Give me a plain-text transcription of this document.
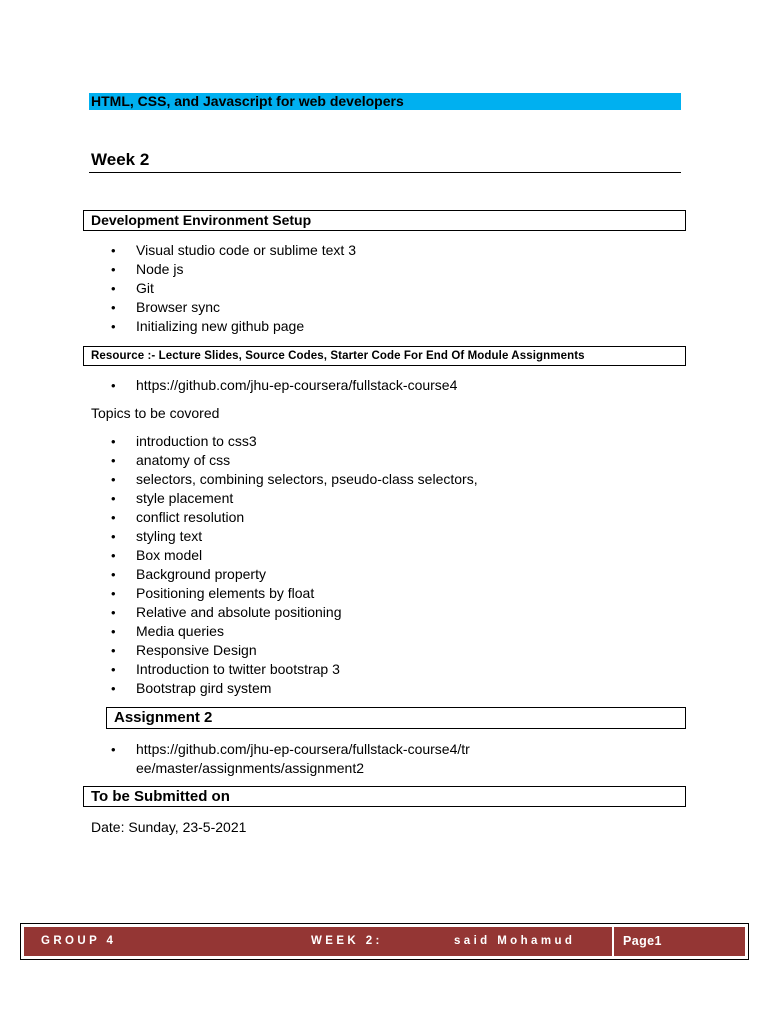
HTML, CSS, and Javascript for web developers
Week 2
Development Environment Setup
• Visual studio code or sublime text 3
• Node js
• Git
• Browser sync
• Initializing new github page
Resource :- Lecture Slides, Source Codes, Starter Code For End Of Module Assignments
• https://github.com/jhu-ep-coursera/fullstack-course4
Topics to be covored
• introduction to css3
• anatomy of css
• selectors, combining selectors, pseudo-class selectors,
• style placement
• conflict resolution
• styling text
• Box model
• Background property
• Positioning elements by float
• Relative and absolute positioning
• Media queries
• Responsive Design
• Introduction to twitter bootstrap 3
• Bootstrap gird system
Assignment 2
• https://github.com/jhu-ep-coursera/fullstack-course4/tree/master/assignments/assignment2
To be Submitted on
Date: Sunday, 23-5-2021
GROUP 4	WEEK 2:	said Mohamud	Page1
